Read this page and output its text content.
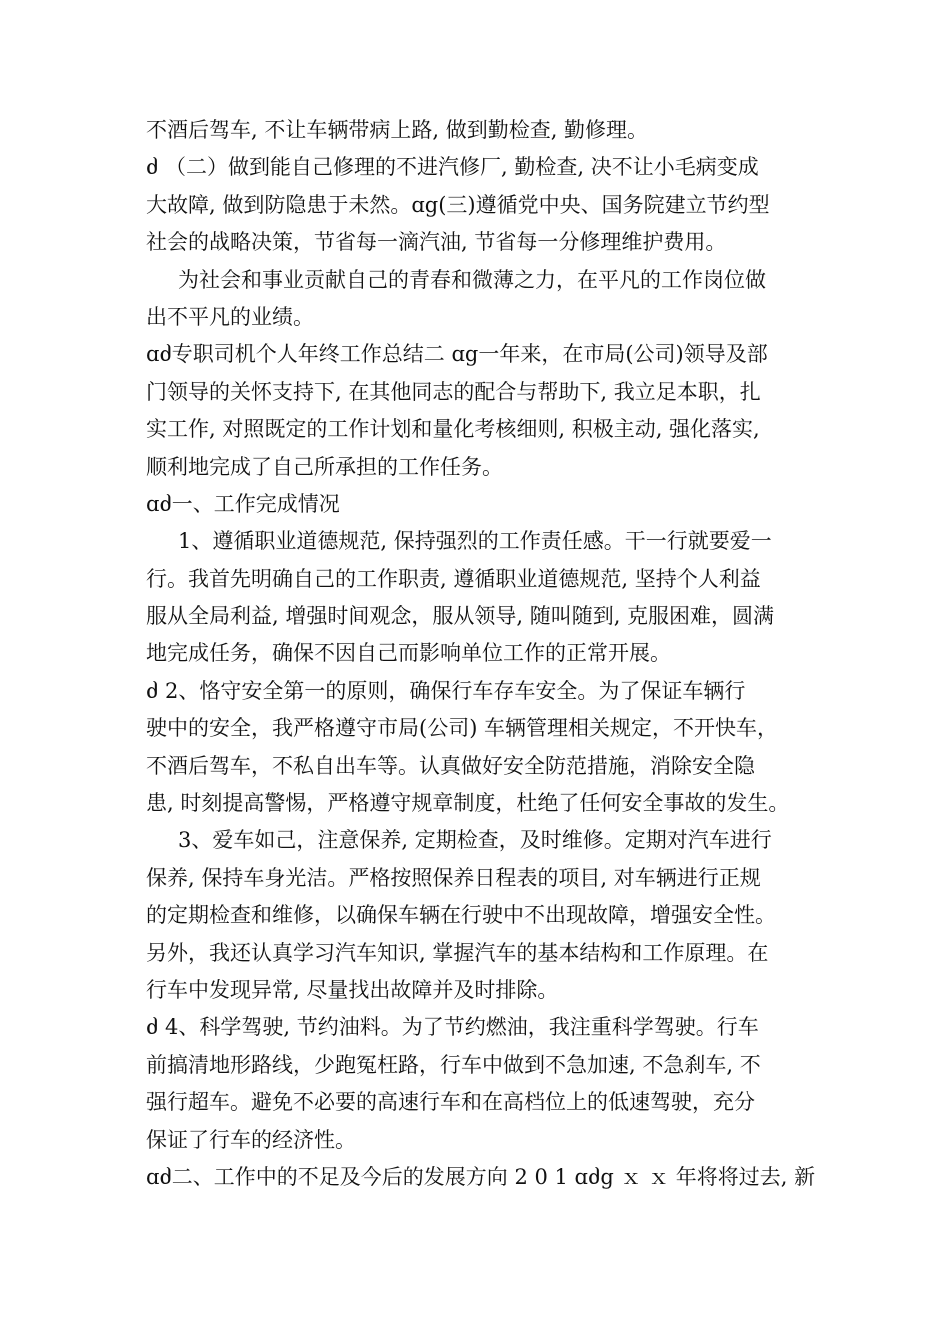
不酒后驾车, 不让车辆带病上路, 做到勤检查, 勤修理。
ძ （二）做到能自己修理的不进汽修厂, 勤检查, 决不让小毛病变成
大故障, 做到防隐患于未然。ɑg(三)遵循党中央、国务院建立节约型
社会的战略决策，节省每一滴汽油, 节省每一分修理维护费用。
为社会和事业贡献自己的青春和微薄之力，在平凡的工作岗位做
出不平凡的业绩。
ɑძ专职司机个人年终工作总结二 ɑg一年来，在市局(公司)领导及部
门领导的关怀支持下, 在其他同志的配合与帮助下, 我立足本职，扎
实工作, 对照既定的工作计划和量化考核细则, 积极主动, 强化落实,
顺利地完成了自己所承担的工作任务。
ɑძ一、工作完成情况
1、遵循职业道德规范, 保持强烈的工作责任感。干一行就要爱一
行。我首先明确自己的工作职责, 遵循职业道德规范, 坚持个人利益
服从全局利益, 增强时间观念，服从领导, 随叫随到, 克服困难，圆满
地完成任务，确保不因自己而影响单位工作的正常开展。
ძ 2、恪守安全第一的原则，确保行车存车安全。为了保证车辆行
驶中的安全，我严格遵守市局(公司) 车辆管理相关规定，不开快车，
不酒后驾车，不私自出车等。认真做好安全防范措施，消除安全隐
患, 时刻提高警惕，严格遵守规章制度，杜绝了任何安全事故的发生。
3、爱车如己，注意保养, 定期检查，及时维修。定期对汽车进行
保养, 保持车身光洁。严格按照保养日程表的项目, 对车辆进行正规
的定期检查和维修，以确保车辆在行驶中不出现故障，增强安全性。
另外，我还认真学习汽车知识, 掌握汽车的基本结构和工作原理。在
行车中发现异常, 尽量找出故障并及时排除。
ძ 4、科学驾驶, 节约油料。为了节约燃油，我注重科学驾驶。行车
前搞清地形路线，少跑冤枉路，行车中做到不急加速, 不急刹车, 不
强行超车。避免不必要的高速行车和在高档位上的低速驾驶，充分
保证了行车的经济性。
ɑძ二、工作中的不足及今后的发展方向 2 0 1 ɑძg ｘ ｘ 年将将过去, 新
